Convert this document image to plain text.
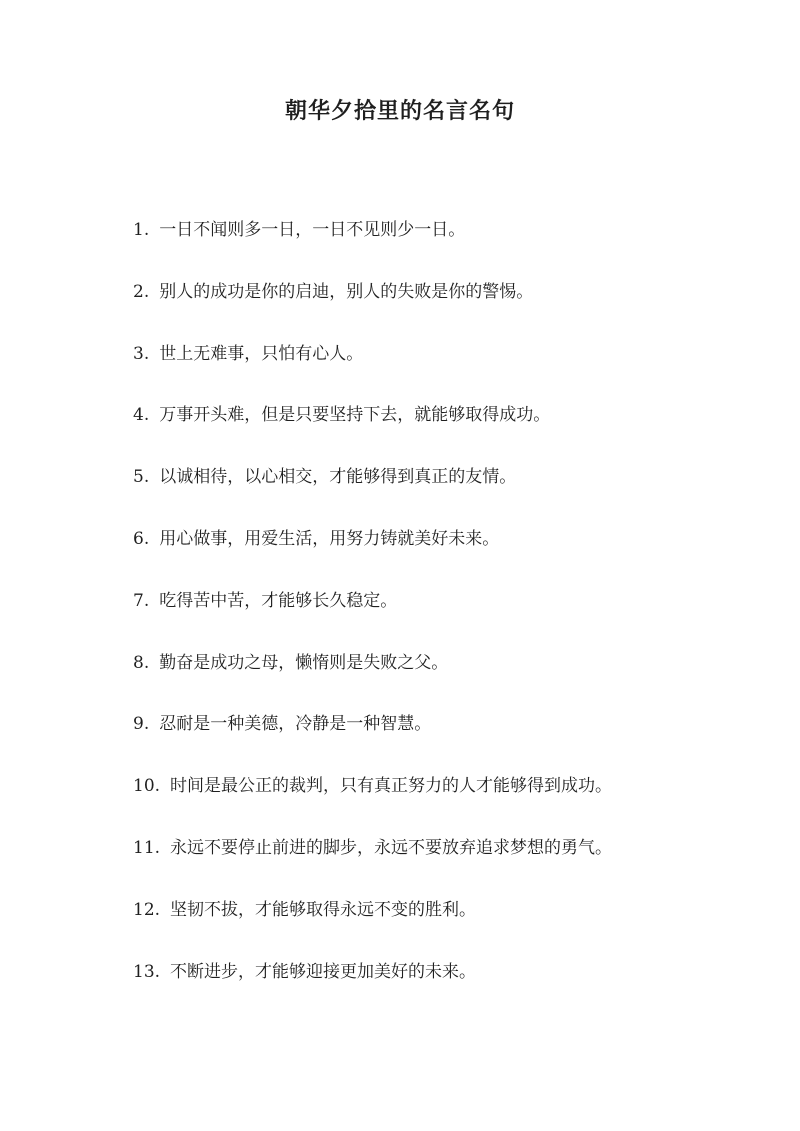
朝华夕拾里的名言名句
1. 一日不闻则多一日，一日不见则少一日。
2. 别人的成功是你的启迪，别人的失败是你的警惕。
3. 世上无难事，只怕有心人。
4. 万事开头难，但是只要坚持下去，就能够取得成功。
5. 以诚相待，以心相交，才能够得到真正的友情。
6. 用心做事，用爱生活，用努力铸就美好未来。
7. 吃得苦中苦，才能够长久稳定。
8. 勤奋是成功之母，懒惰则是失败之父。
9. 忍耐是一种美德，冷静是一种智慧。
10. 时间是最公正的裁判，只有真正努力的人才能够得到成功。
11. 永远不要停止前进的脚步，永远不要放弃追求梦想的勇气。
12. 坚韧不拔，才能够取得永远不变的胜利。
13. 不断进步，才能够迎接更加美好的未来。
